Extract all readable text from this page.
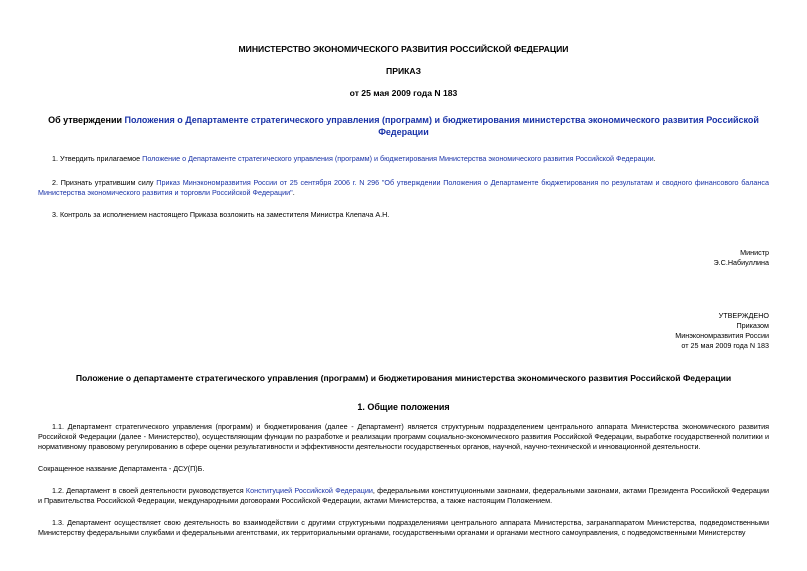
МИНИСТЕРСТВО ЭКОНОМИЧЕСКОГО РАЗВИТИЯ РОССИЙСКОЙ ФЕДЕРАЦИИ
ПРИКАЗ
от 25 мая 2009 года N 183
Об утверждении Положения о Департаменте стратегического управления (программ) и бюджетирования министерства экономического развития Российской Федерации
1. Утвердить прилагаемое Положение о Департаменте стратегического управления (программ) и бюджетирования Министерства экономического развития Российской Федерации.
2. Признать утратившим силу Приказ Минэкономразвития России от 25 сентября 2006 г. N 296 "Об утверждении Положения о Департаменте бюджетирования по результатам и сводного финансового баланса Министерства экономического развития и торговли Российской Федерации".
3. Контроль за исполнением настоящего Приказа возложить на заместителя Министра Клепача А.Н.
Министр
Э.С.Набиуллина
УТВЕРЖДЕНО
Приказом
Минэкономразвития России
от 25 мая 2009 года N 183
Положение о департаменте стратегического управления (программ) и бюджетирования министерства экономического развития Российской Федерации
1. Общие положения
1.1. Департамент стратегического управления (программ) и бюджетирования (далее - Департамент) является структурным подразделением центрального аппарата Министерства экономического развития Российской Федерации (далее - Министерство), осуществляющим функции по разработке и реализации программ социально-экономического развития Российской Федерации, выработке государственной политики и нормативному правовому регулированию в сфере оценки результативности и эффективности деятельности государственных органов, научной, научно-технической и инновационной деятельности.
Сокращенное название Департамента - ДСУ(П)Б.
1.2. Департамент в своей деятельности руководствуется Конституцией Российской Федерации, федеральными конституционными законами, федеральными законами, актами Президента Российской Федерации и Правительства Российской Федерации, международными договорами Российской Федерации, актами Министерства, а также настоящим Положением.
1.3. Департамент осуществляет свою деятельность во взаимодействии с другими структурными подразделениями центрального аппарата Министерства, загранаппаратом Министерства, подведомственными Министерству федеральными службами и федеральными агентствами, их территориальными органами, государственными органами и органами местного самоуправления, с подведомственными Министерству
